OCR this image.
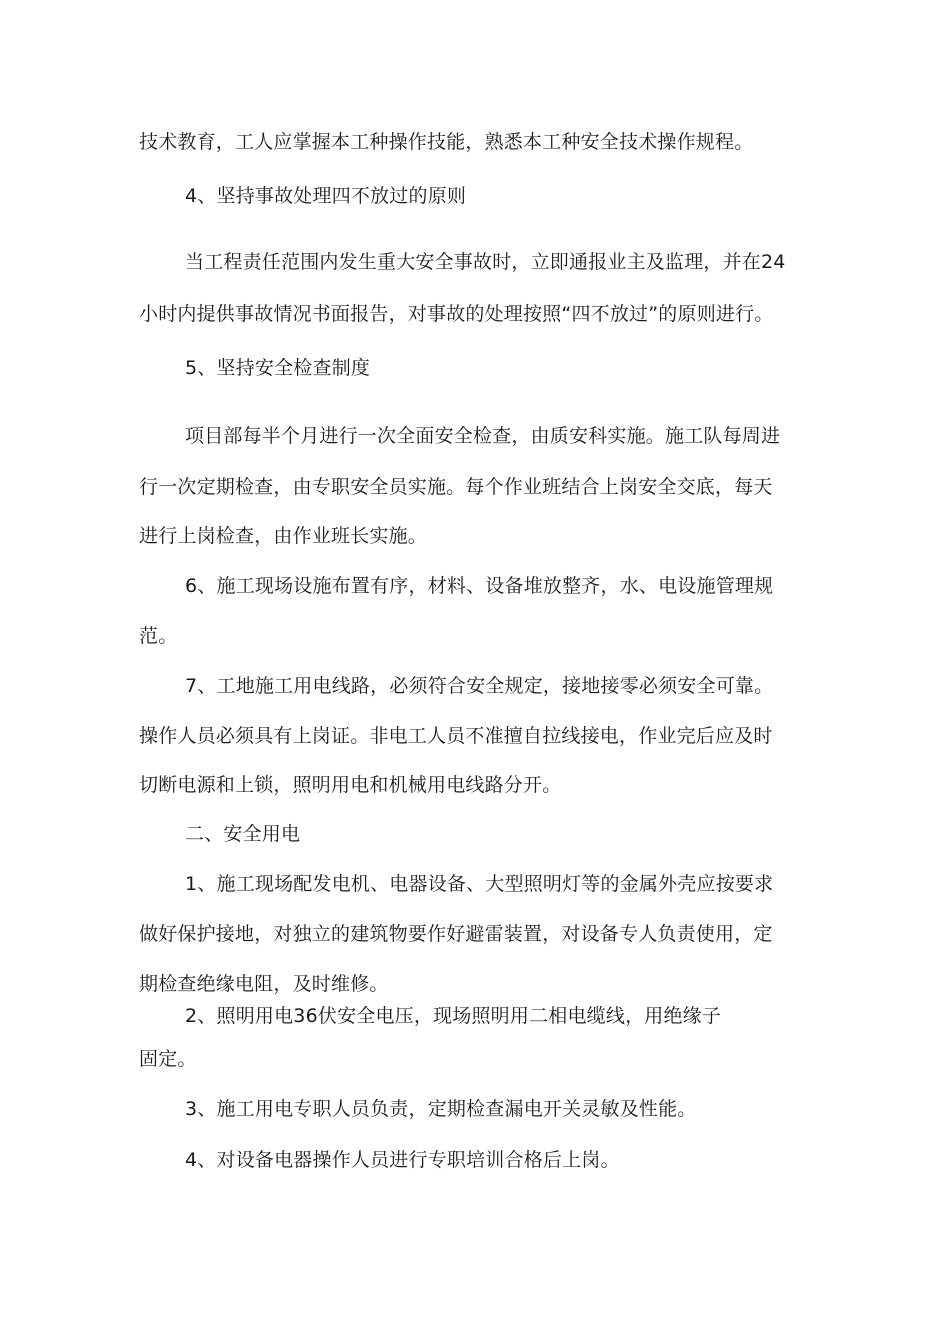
技术教育，工人应掌握本工种操作技能，熟悉本工种安全技术操作规程。
4、坚持事故处理四不放过的原则
当工程责任范围内发生重大安全事故时，立即通报业主及监理，并在24
小时内提供事故情况书面报告，对事故的处理按照“四不放过”的原则进行。
5、坚持安全检查制度
项目部每半个月进行一次全面安全检查，由质安科实施。施工队每周进
行一次定期检查，由专职安全员实施。每个作业班结合上岗安全交底，每天
进行上岗检查，由作业班长实施。
6、施工现场设施布置有序，材料、设备堆放整齐，水、电设施管理规
范。
7、工地施工用电线路，必须符合安全规定，接地接零必须安全可靠。
操作人员必须具有上岗证。非电工人员不准擅自拉线接电，作业完后应及时
切断电源和上锁，照明用电和机械用电线路分开。
二、安全用电
1、施工现场配发电机、电器设备、大型照明灯等的金属外壳应按要求
做好保护接地，对独立的建筑物要作好避雷装置，对设备专人负责使用，定
期检查绝缘电阻，及时维修。
2、照明用电36伏安全电压，现场照明用二相电缆线，用绝缘子
固定。
3、施工用电专职人员负责，定期检查漏电开关灵敏及性能。
4、对设备电器操作人员进行专职培训合格后上岗。
